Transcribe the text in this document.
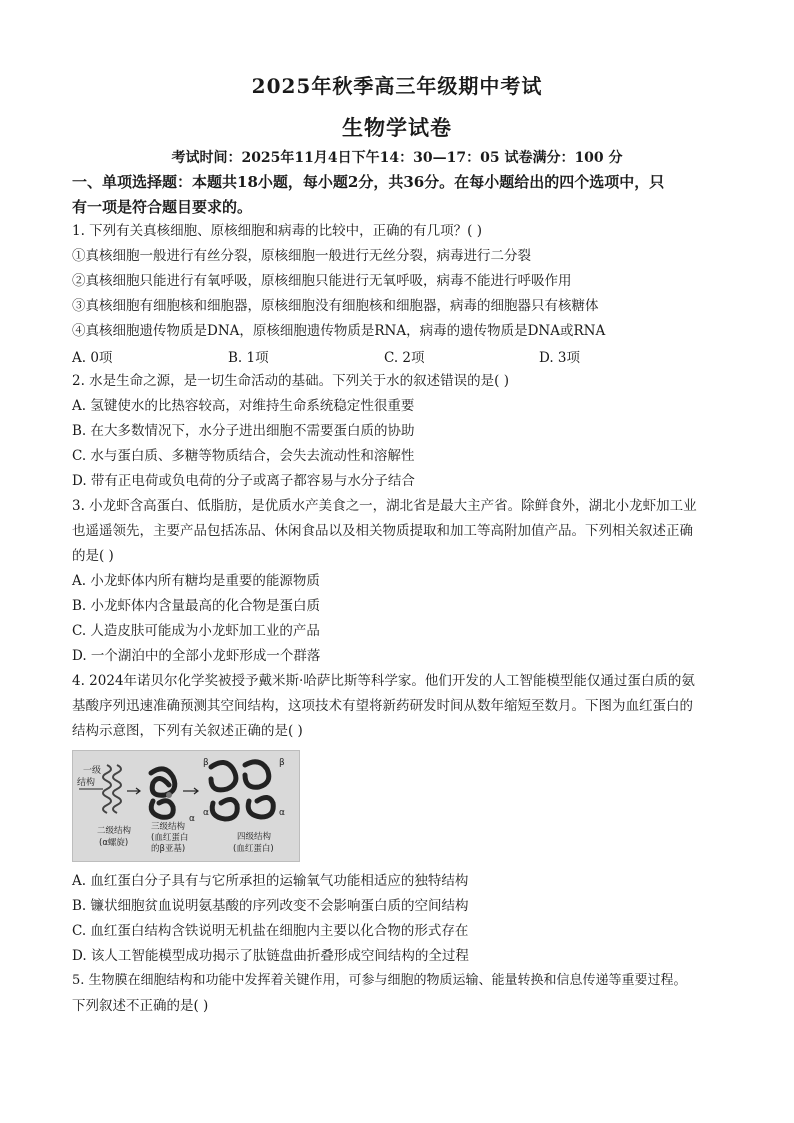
2025年秋季高三年级期中考试
生物学试卷
考试时间：2025年11月4日下午14：30—17：05 试卷满分：100 分
一、单项选择题：本题共18小题，每小题2分，共36分。在每小题给出的四个选项中，只
有一项是符合题目要求的。
1. 下列有关真核细胞、原核细胞和病毒的比较中，正确的有几项？( )
①真核细胞一般进行有丝分裂，原核细胞一般进行无丝分裂，病毒进行二分裂
②真核细胞只能进行有氧呼吸，原核细胞只能进行无氧呼吸，病毒不能进行呼吸作用
③真核细胞有细胞核和细胞器，原核细胞没有细胞核和细胞器，病毒的细胞器只有核糖体
④真核细胞遗传物质是DNA，原核细胞遗传物质是RNA，病毒的遗传物质是DNA或RNA
A. 0项	B. 1项	C. 2项	D. 3项
2. 水是生命之源，是一切生命活动的基础。下列关于水的叙述错误的是( )
A. 氢键使水的比热容较高，对维持生命系统稳定性很重要
B. 在大多数情况下，水分子进出细胞不需要蛋白质的协助
C. 水与蛋白质、多糖等物质结合，会失去流动性和溶解性
D. 带有正电荷或负电荷的分子或离子都容易与水分子结合
3. 小龙虾含高蛋白、低脂肪，是优质水产美食之一，湖北省是最大主产省。除鲜食外，湖北小龙虾加工业
也遥遥领先，主要产品包括冻品、休闲食品以及相关物质提取和加工等高附加值产品。下列相关叙述正确
的是( )
A. 小龙虾体内所有糖均是重要的能源物质
B. 小龙虾体内含量最高的化合物是蛋白质
C. 人造皮肤可能成为小龙虾加工业的产品
D. 一个湖泊中的全部小龙虾形成一个群落
4. 2024年诺贝尔化学奖被授予戴米斯·哈萨比斯等科学家。他们开发的人工智能模型能仅通过蛋白质的氨
基酸序列迅速准确预测其空间结构，这项技术有望将新药研发时间从数年缩短至数月。下图为血红蛋白的
结构示意图，下列有关叙述正确的是( )
一级
结构
β
β
α	α
α
二级结构
(α螺旋)
三级结构
(血红蛋白
的β亚基)
四级结构
(血红蛋白)
A. 血红蛋白分子具有与它所承担的运输氧气功能相适应的独特结构
B. 镰状细胞贫血说明氨基酸的序列改变不会影响蛋白质的空间结构
C. 血红蛋白结构含铁说明无机盐在细胞内主要以化合物的形式存在
D. 该人工智能模型成功揭示了肽链盘曲折叠形成空间结构的全过程
5. 生物膜在细胞结构和功能中发挥着关键作用，可参与细胞的物质运输、能量转换和信息传递等重要过程。
下列叙述不正确的是( )
